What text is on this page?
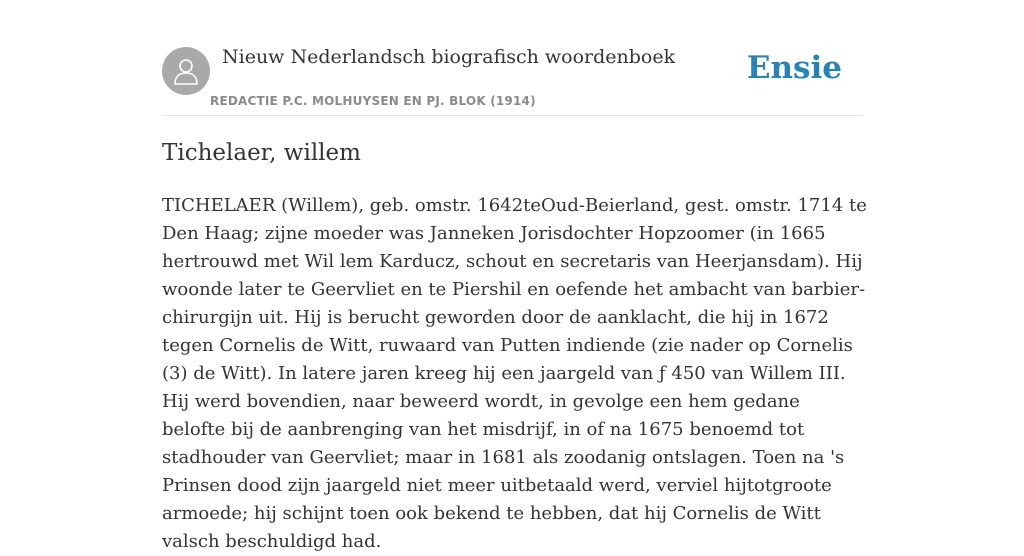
Nieuw Nederlandsch biografisch woordenboek
REDACTIE P.C. MOLHUYSEN EN PJ. BLOK (1914)
Ensie
Tichelaer, willem

TICHELAER (Willem), geb. omstr. 1642teOud-Beierland, gest. omstr. 1714 te Den Haag; zijne moeder was Janneken Jorisdochter Hopzoomer (in 1665 hertrouwd met Wil lem Karducz, schout en secretaris van Heerjansdam). Hij woonde later te Geervliet en te Piershil en oefende het ambacht van barbier-chirurgijn uit. Hij is berucht geworden door de aanklacht, die hij in 1672 tegen Cornelis de Witt, ruwaard van Putten indiende (zie nader op Cornelis (3) de Witt). In latere jaren kreeg hij een jaargeld van ƒ 450 van Willem III. Hij werd bovendien, naar beweerd wordt, in gevolge een hem gedane belofte bij de aanbrenging van het misdrijf, in of na 1675 benoemd tot stadhouder van Geervliet; maar in 1681 als zoodanig ontslagen. Toen na 's Prinsen dood zijn jaargeld niet meer uitbetaald werd, verviel hijtotgroote armoede; hij schijnt toen ook bekend te hebben, dat hij Cornelis de Witt valsch beschuldigd had.
